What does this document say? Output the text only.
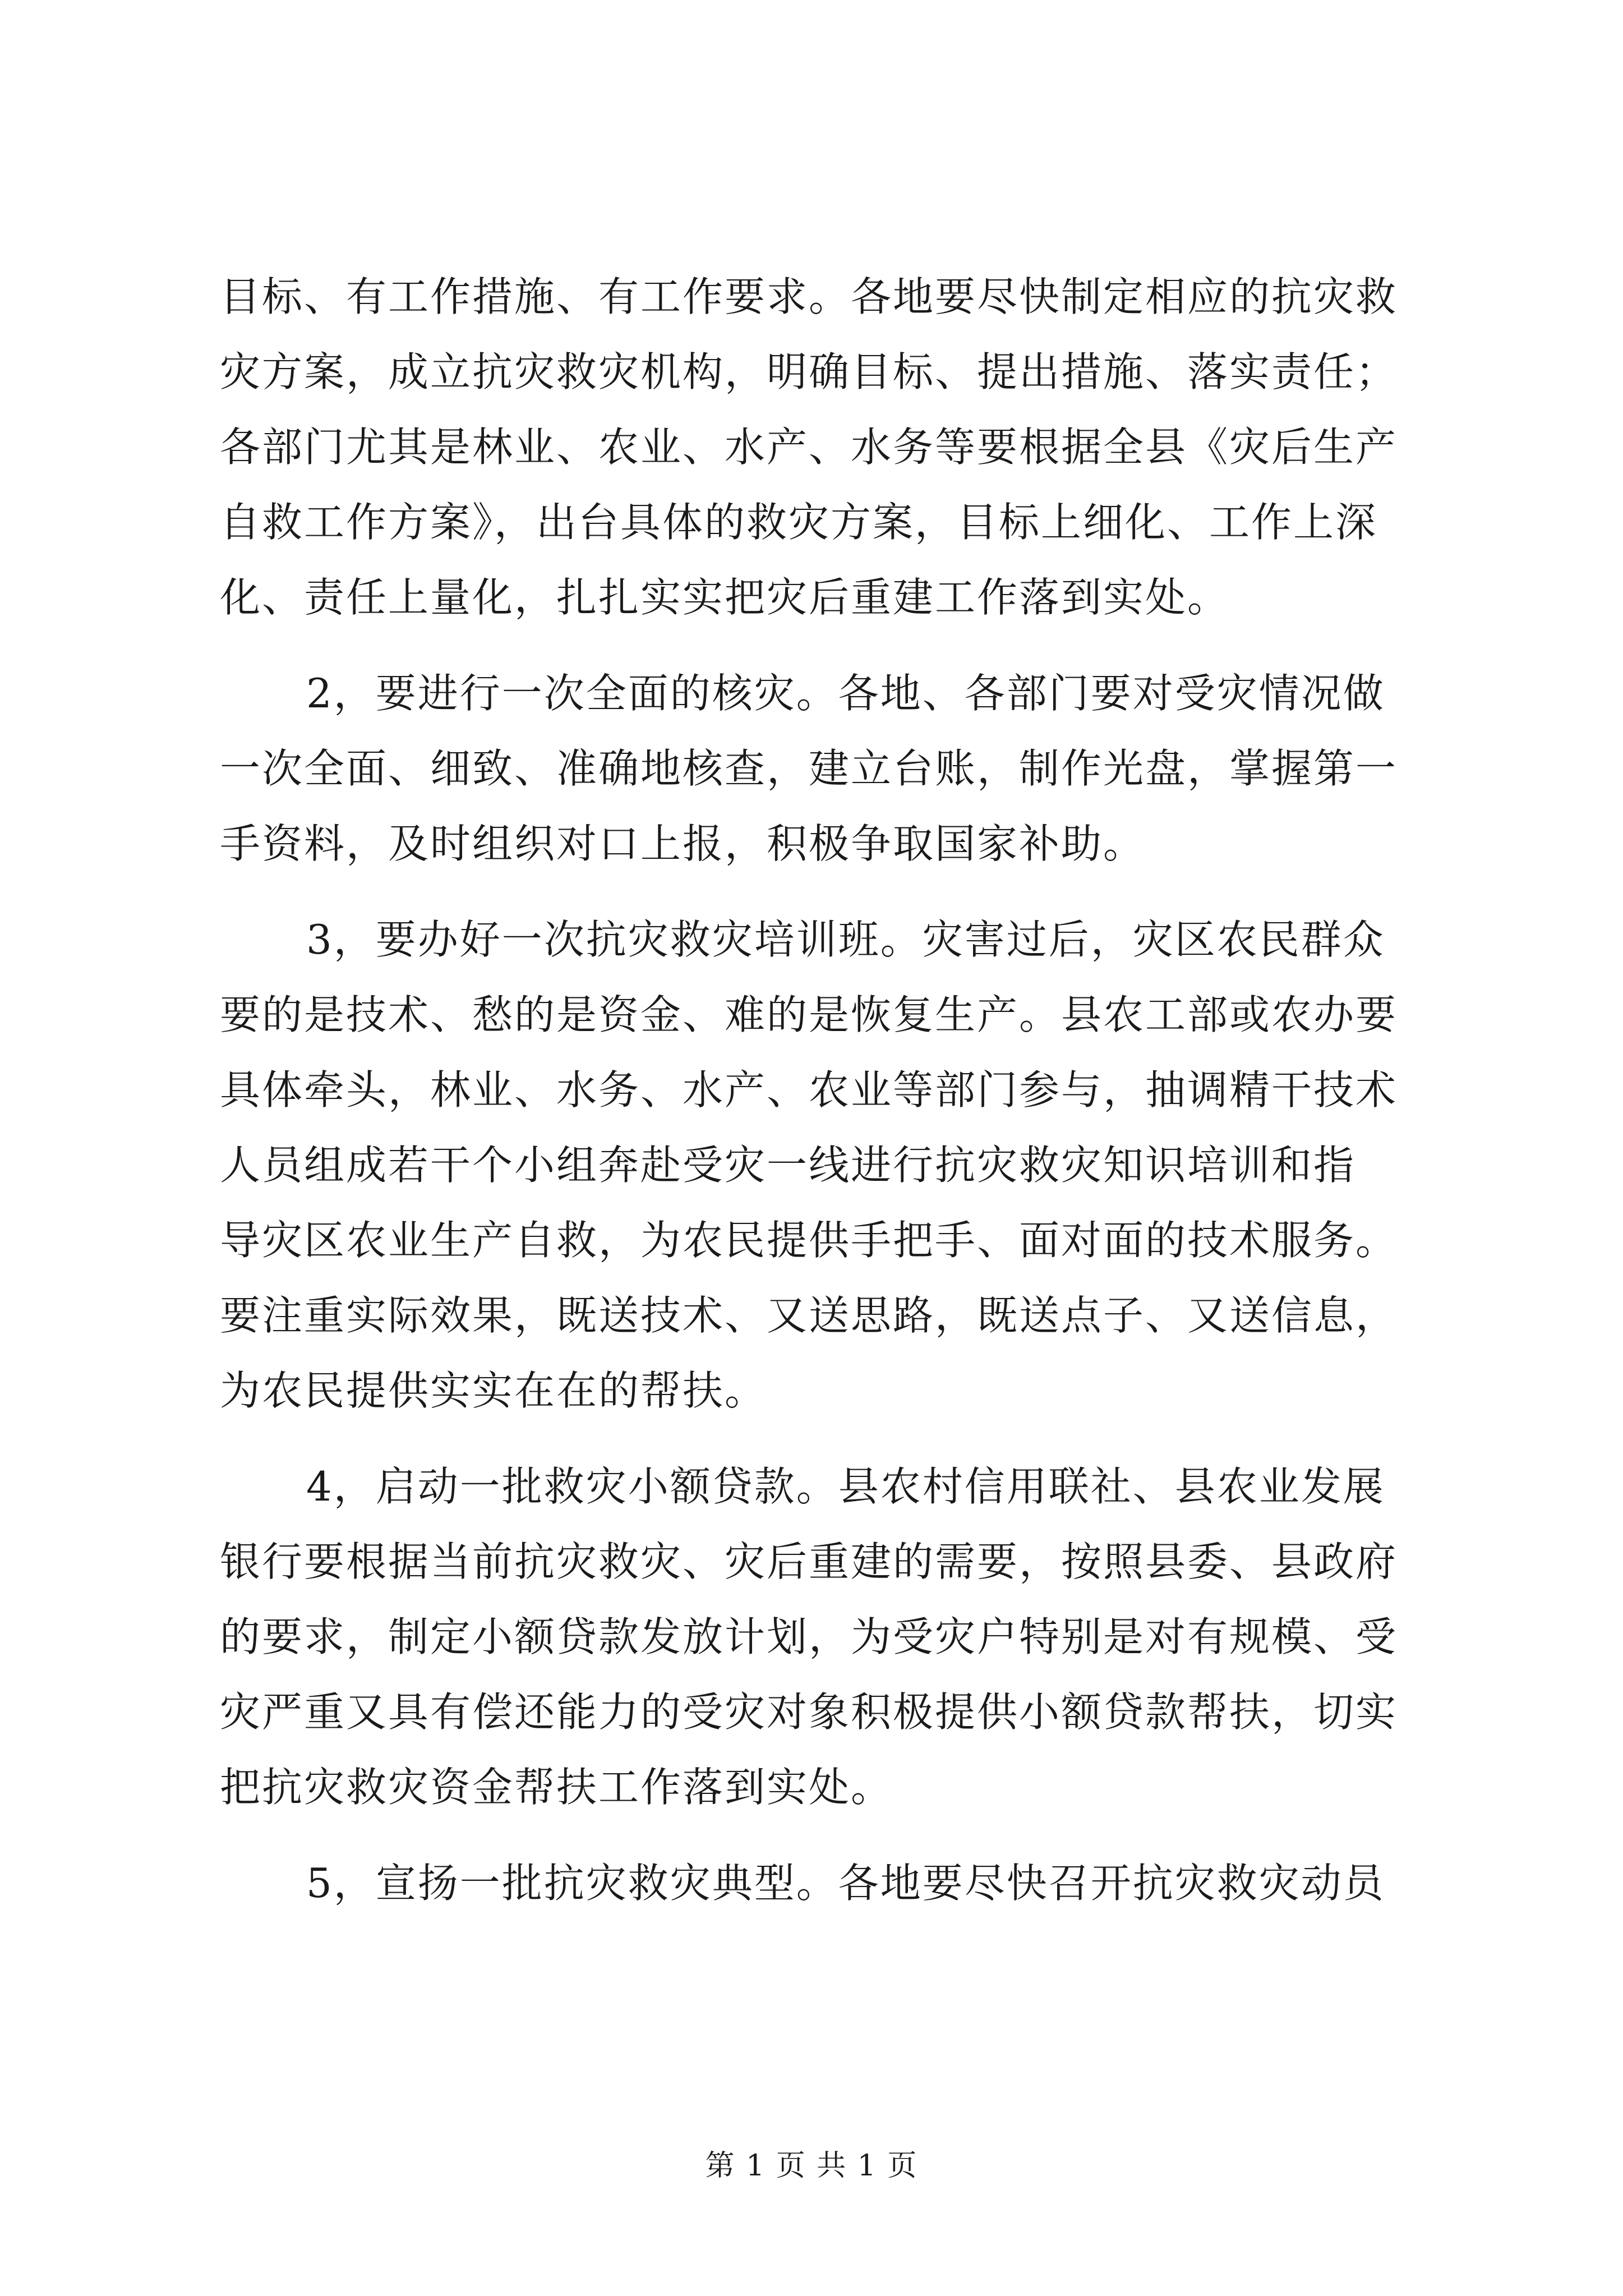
目标、有工作措施、有工作要求。各地要尽快制定相应的抗灾救
灾方案，成立抗灾救灾机构，明确目标、提出措施、落实责任；
各部门尤其是林业、农业、水产、水务等要根据全县《灾后生产
自救工作方案》，出台具体的救灾方案，目标上细化、工作上深
化、责任上量化，扎扎实实把灾后重建工作落到实处。

2，要进行一次全面的核灾。各地、各部门要对受灾情况做
一次全面、细致、准确地核查，建立台账，制作光盘，掌握第一
手资料，及时组织对口上报，积极争取国家补助。

3，要办好一次抗灾救灾培训班。灾害过后，灾区农民群众
要的是技术、愁的是资金、难的是恢复生产。县农工部或农办要
具体牵头，林业、水务、水产、农业等部门参与，抽调精干技术
人员组成若干个小组奔赴受灾一线进行抗灾救灾知识培训和指
导灾区农业生产自救，为农民提供手把手、面对面的技术服务。
要注重实际效果，既送技术、又送思路，既送点子、又送信息，
为农民提供实实在在的帮扶。

4，启动一批救灾小额贷款。县农村信用联社、县农业发展
银行要根据当前抗灾救灾、灾后重建的需要，按照县委、县政府
的要求，制定小额贷款发放计划，为受灾户特别是对有规模、受
灾严重又具有偿还能力的受灾对象积极提供小额贷款帮扶，切实
把抗灾救灾资金帮扶工作落到实处。

5，宣扬一批抗灾救灾典型。各地要尽快召开抗灾救灾动员

第 1 页 共 1 页
